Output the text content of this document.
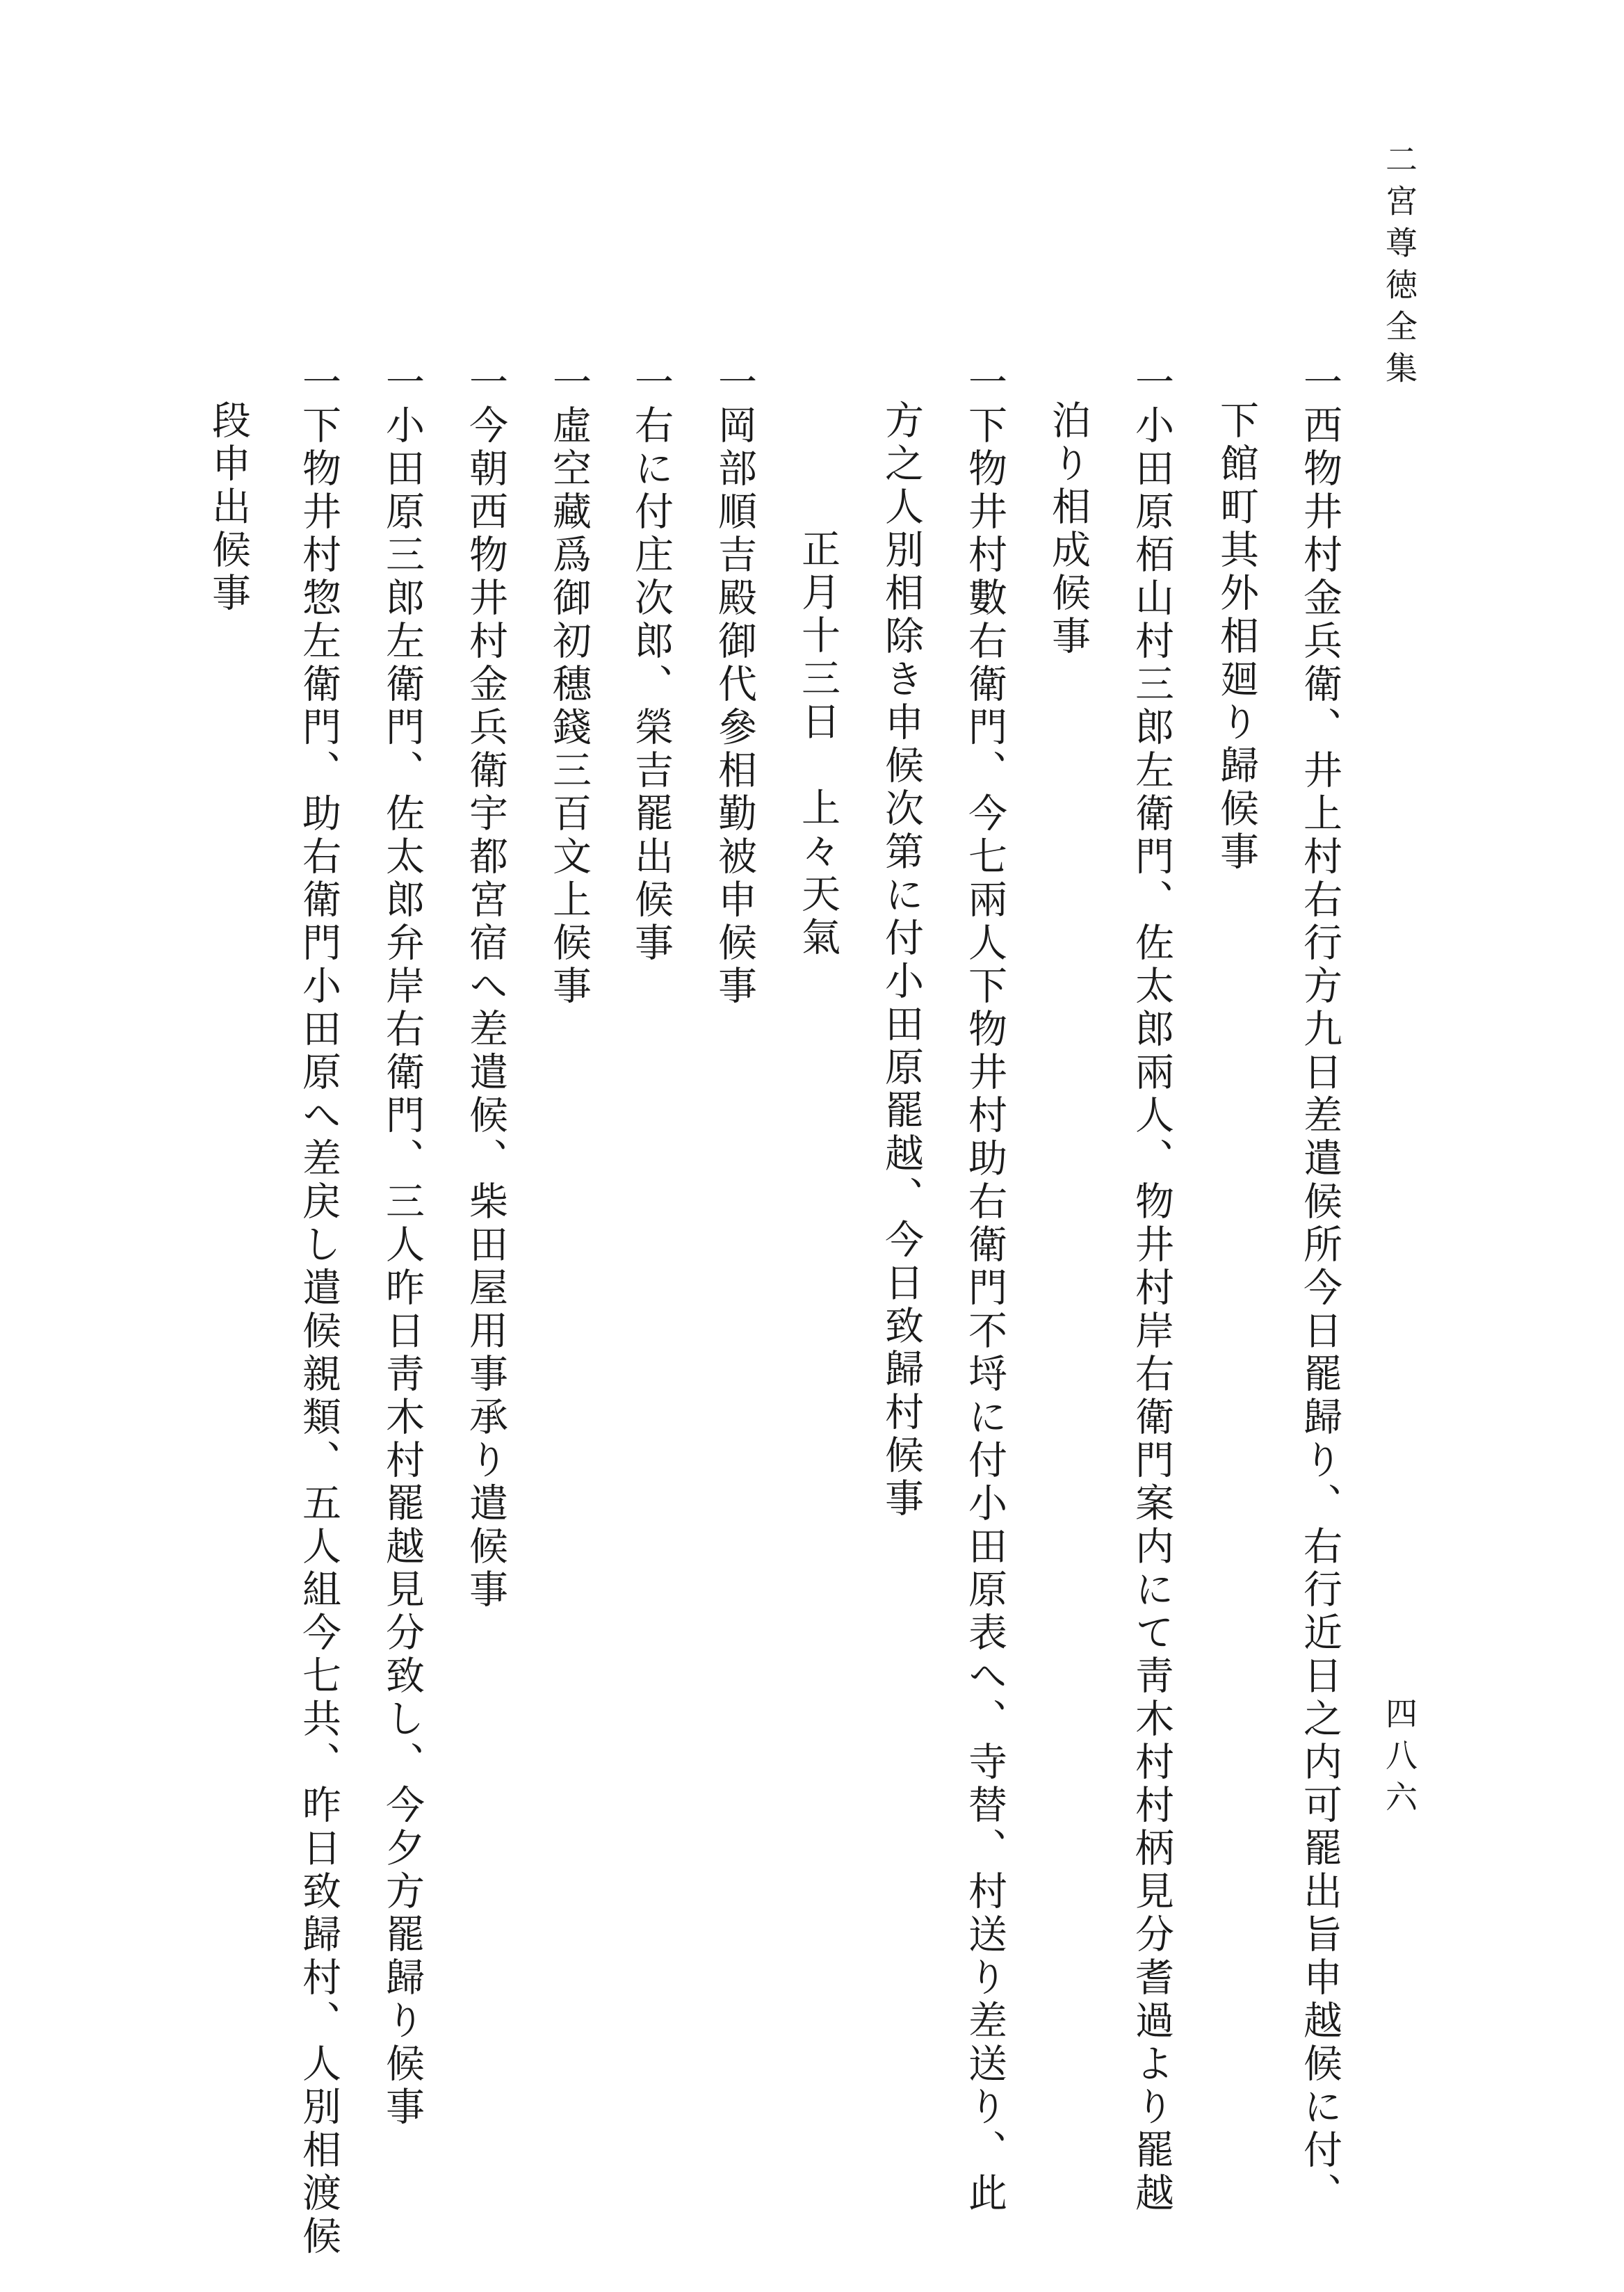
二宮尊徳全集
四八六
一西物井村金兵衛、井上村右行方九日差遣候所今日罷歸り、右行近日之内可罷出旨申越候に付、
下館町其外相廻り歸候事
一小田原栢山村三郎左衛門、佐太郎兩人、物井村岸右衛門案内にて靑木村村柄見分耆過より罷越
泊り相成候事
一下物井村數右衛門、今七兩人下物井村助右衛門不埒に付小田原表へ、寺替、村送り差送り、此
方之人別相除き申候次第に付小田原罷越、今日致歸村候事
正月十三日　上々天氣
一岡部順吉殿御代參相勤被申候事
一右に付庄次郎、榮吉罷出候事
一虛空藏爲御初穗錢三百文上候事
一今朝西物井村金兵衛宇都宮宿へ差遣候、柴田屋用事承り遣候事
一小田原三郎左衛門、佐太郎弁岸右衛門、三人昨日靑木村罷越見分致し、今夕方罷歸り候事
一下物井村惣左衛門、助右衛門小田原へ差戻し遣候親類、五人組今七共、昨日致歸村、人別相渡候
段申出候事
